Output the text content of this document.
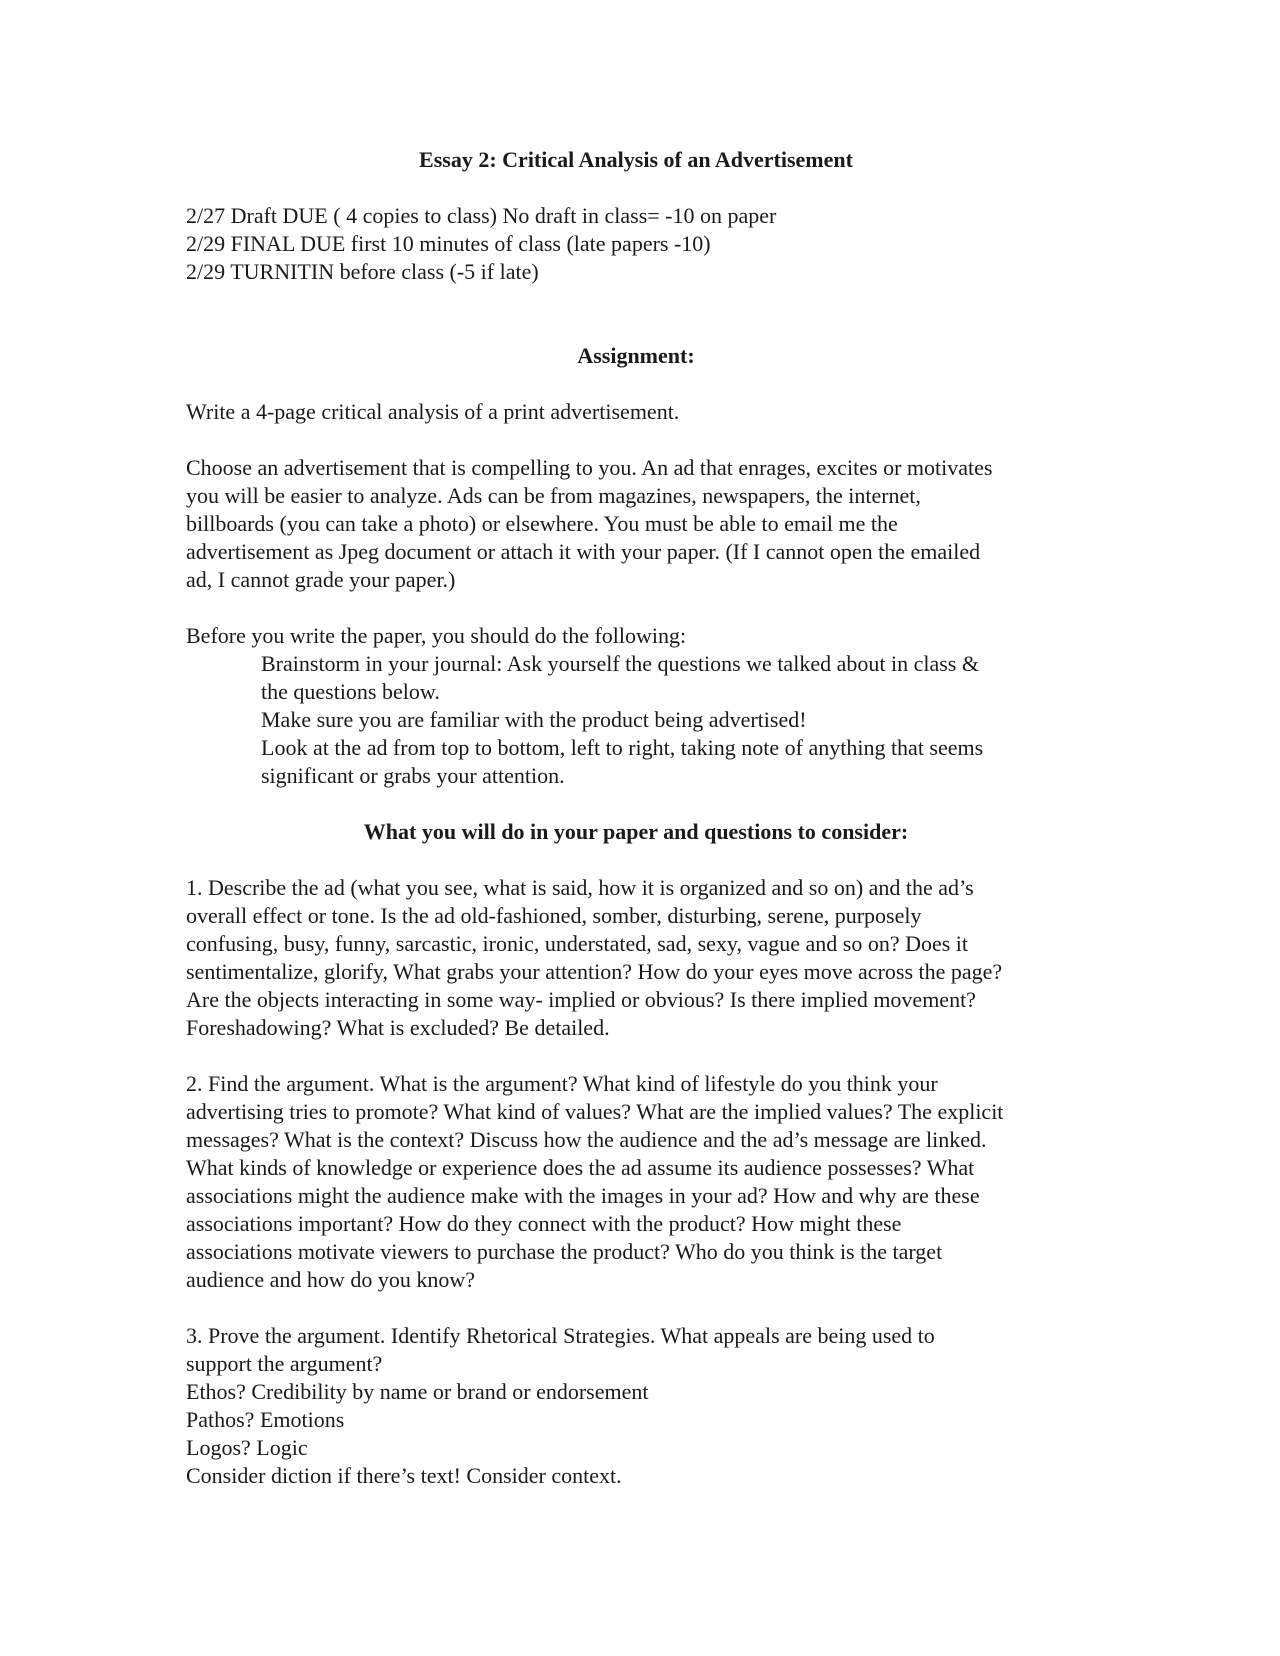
Essay 2: Critical Analysis of an Advertisement

2/27 Draft DUE ( 4 copies to class) No draft in class= -10 on paper
2/29 FINAL DUE first 10 minutes of class (late papers -10)
2/29 TURNITIN before class (-5 if late)

Assignment:

Write a 4-page critical analysis of a print advertisement.
Choose an advertisement that is compelling to you. An ad that enrages, excites or motivates
you will be easier to analyze. Ads can be from magazines, newspapers, the internet,
billboards (you can take a photo) or elsewhere. You must be able to email me the
advertisement as Jpeg document or attach it with your paper. (If I cannot open the emailed
ad, I cannot grade your paper.)
Before you write the paper, you should do the following:
Brainstorm in your journal: Ask yourself the questions we talked about in class &
the questions below.
Make sure you are familiar with the product being advertised!
Look at the ad from top to bottom, left to right, taking note of anything that seems
significant or grabs your attention.

What you will do in your paper and questions to consider:

1. Describe the ad (what you see, what is said, how it is organized and so on) and the ad’s
overall effect or tone. Is the ad old-fashioned, somber, disturbing, serene, purposely
confusing, busy, funny, sarcastic, ironic, understated, sad, sexy, vague and so on? Does it
sentimentalize, glorify, What grabs your attention? How do your eyes move across the page?
Are the objects interacting in some way- implied or obvious? Is there implied movement?
Foreshadowing? What is excluded? Be detailed.
2. Find the argument. What is the argument? What kind of lifestyle do you think your
advertising tries to promote? What kind of values? What are the implied values? The explicit
messages? What is the context? Discuss how the audience and the ad’s message are linked.
What kinds of knowledge or experience does the ad assume its audience possesses? What
associations might the audience make with the images in your ad? How and why are these
associations important? How do they connect with the product? How might these
associations motivate viewers to purchase the product? Who do you think is the target
audience and how do you know?
3. Prove the argument. Identify Rhetorical Strategies. What appeals are being used to
support the argument?
Ethos? Credibility by name or brand or endorsement
Pathos? Emotions
Logos? Logic
Consider diction if there’s text! Consider context.
